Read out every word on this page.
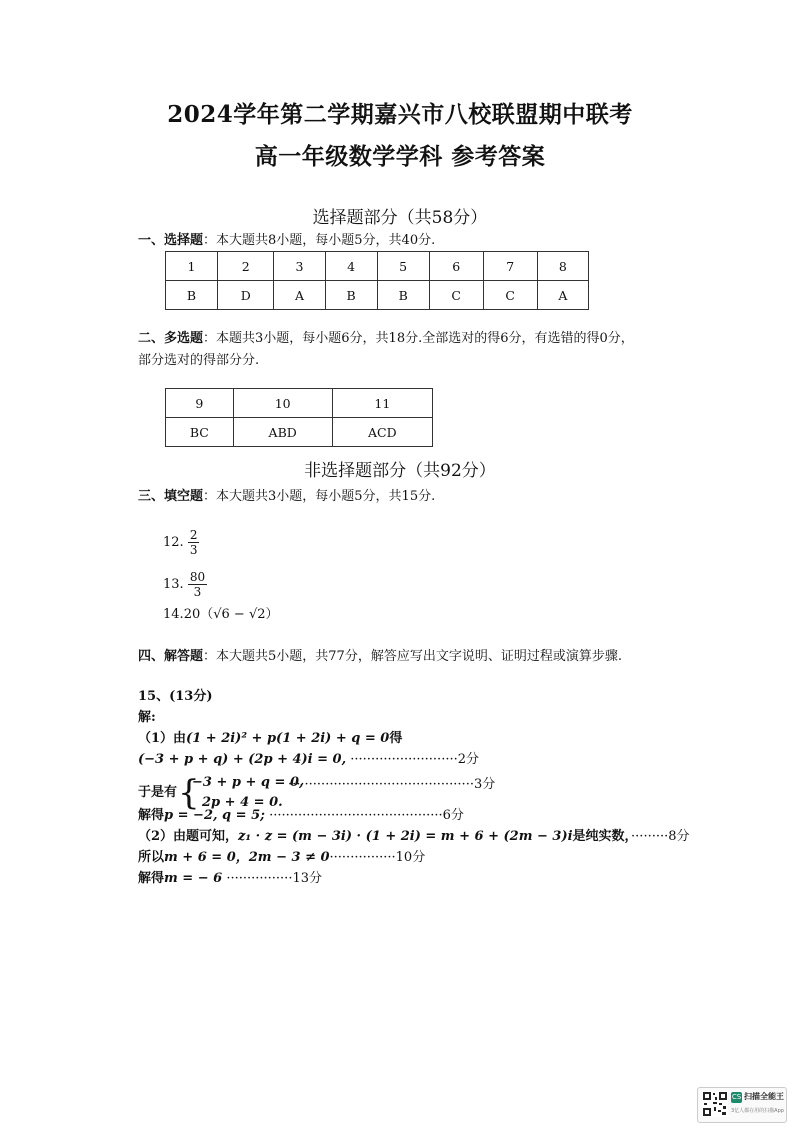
2024学年第二学期嘉兴市八校联盟期中联考
高一年级数学学科 参考答案
选择题部分（共58分）
一、选择题：本大题共8小题，每小题5分，共40分.
1	2	3	4	5	6	7	8
B	D	A	B	B	C	C	A
二、多选题：本题共3小题，每小题6分，共18分.全部选对的得6分，有选错的得0分，
部分选对的得部分分.
9	10	11
BC	ABD	ACD
非选择题部分（共92分）
三、填空题：本大题共3小题，每小题5分，共15分.
12. $\frac{2}{3}$
13. $\frac{80}{3}$
14.20（√6 − √2）
四、解答题：本大题共5小题，共77分，解答应写出文字说明、证明过程或演算步骤.
15、(13分)
解:
（1）由(1 + 2i)² + p(1 + 2i) + q = 0得
(−3 + p + q) + (2p + 4)i = 0, ··························2分
于是有 {
−3 + p + q = 0,
2p + 4 = 0.
·············································3分
解得p = −2, q = 5; ··········································6分
（2）由题可知，z₁ · z = (m − 3i) · (1 + 2i) = m + 6 + (2m − 3)i是纯实数，·········8分
所以m + 6 = 0，2m − 3 ≠ 0················10分
解得m = − 6 ················13分
CS 扫描全能王
3亿人都在用的扫描App
